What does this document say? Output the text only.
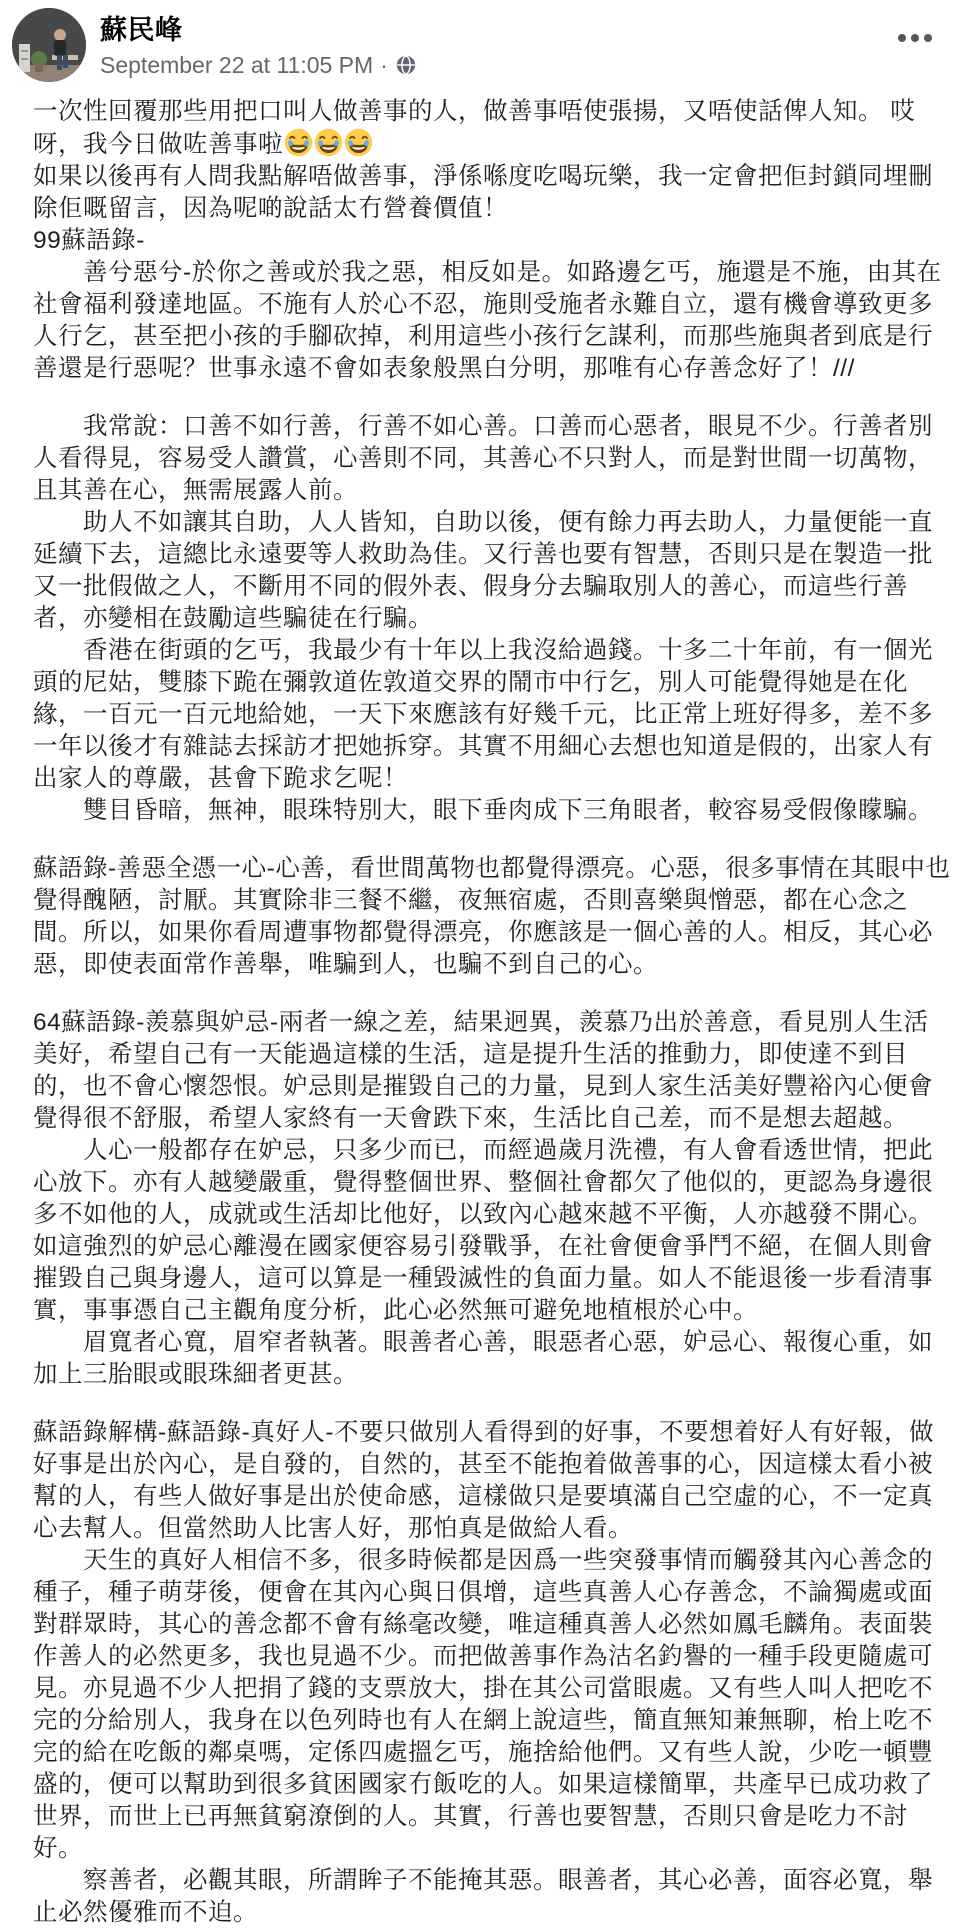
蘇民峰
September 22 at 11:05 PM ·

一次性回覆那些用把口叫人做善事的人，做善事唔使張揚，又唔使話俾人知。 哎呀，我今日做咗善事啦

如果以後再有人問我點解唔做善事，淨係喺度吃喝玩樂，我一定會把佢封鎖同埋刪除佢嘅留言，因為呢啲說話太冇營養價值！

99蘇語錄-

　　善兮惡兮-於你之善或於我之惡，相反如是。如路邊乞丐，施還是不施，由其在社會福利發達地區。不施有人於心不忍，施則受施者永難自立，還有機會導致更多人行乞，甚至把小孩的手腳砍掉，利用這些小孩行乞謀利，而那些施與者到底是行善還是行惡呢？世事永遠不會如表象般黑白分明，那唯有心存善念好了！///

　　我常說：口善不如行善，行善不如心善。口善而心惡者，眼見不少。行善者別人看得見，容易受人讚賞，心善則不同，其善心不只對人，而是對世間一切萬物，且其善在心，無需展露人前。

　　助人不如讓其自助，人人皆知，自助以後，便有餘力再去助人，力量便能一直延續下去，這總比永遠要等人救助為佳。又行善也要有智慧，否則只是在製造一批又一批假做之人，不斷用不同的假外表、假身分去騙取別人的善心，而這些行善者，亦變相在鼓勵這些騙徒在行騙。

　　香港在街頭的乞丐，我最少有十年以上我沒給過錢。十多二十年前，有一個光頭的尼姑，雙膝下跪在彌敦道佐敦道交界的鬧市中行乞，別人可能覺得她是在化緣，一百元一百元地給她，一天下來應該有好幾千元，比正常上班好得多，差不多一年以後才有雜誌去採訪才把她拆穿。其實不用細心去想也知道是假的，出家人有出家人的尊嚴，甚會下跪求乞呢！

　　雙目昏暗，無神，眼珠特別大，眼下垂肉成下三角眼者，較容易受假像矇騙。

蘇語錄-善惡全憑一心-心善，看世間萬物也都覺得漂亮。心惡，很多事情在其眼中也覺得醜陋，討厭。其實除非三餐不繼，夜無宿處，否則喜樂與憎惡，都在心念之間。所以，如果你看周遭事物都覺得漂亮，你應該是一個心善的人。相反，其心必惡，即使表面常作善舉，唯騙到人，也騙不到自己的心。

64蘇語錄-羨慕與妒忌-兩者一線之差，結果迥異，羨慕乃出於善意，看見別人生活美好，希望自己有一天能過這樣的生活，這是提升生活的推動力，即使達不到目的，也不會心懷怨恨。妒忌則是摧毀自己的力量，見到人家生活美好豐裕內心便會覺得很不舒服，希望人家終有一天會跌下來，生活比自己差，而不是想去超越。

　　人心一般都存在妒忌，只多少而已，而經過歲月洗禮，有人會看透世情，把此心放下。亦有人越變嚴重，覺得整個世界、整個社會都欠了他似的，更認為身邊很多不如他的人，成就或生活却比他好，以致內心越來越不平衡，人亦越發不開心。如這強烈的妒忌心離漫在國家便容易引發戰爭，在社會便會爭鬥不絕，在個人則會摧毀自己與身邊人，這可以算是一種毀滅性的負面力量。如人不能退後一步看清事實，事事憑自己主觀角度分析，此心必然無可避免地植根於心中。

　　眉寬者心寬，眉窄者執著。眼善者心善，眼惡者心惡，妒忌心、報復心重，如加上三胎眼或眼珠細者更甚。

蘇語錄解構-蘇語錄-真好人-不要只做別人看得到的好事，不要想着好人有好報，做好事是出於內心，是自發的，自然的，甚至不能抱着做善事的心，因這樣太看小被幫的人，有些人做好事是出於使命感，這樣做只是要填滿自己空虛的心，不一定真心去幫人。但當然助人比害人好，那怕真是做給人看。

　　天生的真好人相信不多，很多時候都是因爲一些突發事情而觸發其內心善念的種子，種子萌芽後，便會在其內心與日俱增，這些真善人心存善念，不論獨處或面對群眾時，其心的善念都不會有絲毫改變，唯這種真善人必然如鳳毛麟角。表面裝作善人的必然更多，我也見過不少。而把做善事作為沽名釣譽的一種手段更隨處可見。亦見過不少人把捐了錢的支票放大，掛在其公司當眼處。又有些人叫人把吃不完的分給別人，我身在以色列時也有人在網上說這些，簡直無知兼無聊，枱上吃不完的給在吃飯的鄰桌嗎，定係四處搵乞丐，施捨給他們。又有些人說，少吃一頓豐盛的，便可以幫助到很多貧困國家冇飯吃的人。如果這樣簡單，共產早已成功救了世界，而世上已再無貧窮潦倒的人。其實，行善也要智慧，否則只會是吃力不討好。

　　察善者，必觀其眼，所謂眸子不能掩其惡。眼善者，其心必善，面容必寬，舉止必然優雅而不迫。
